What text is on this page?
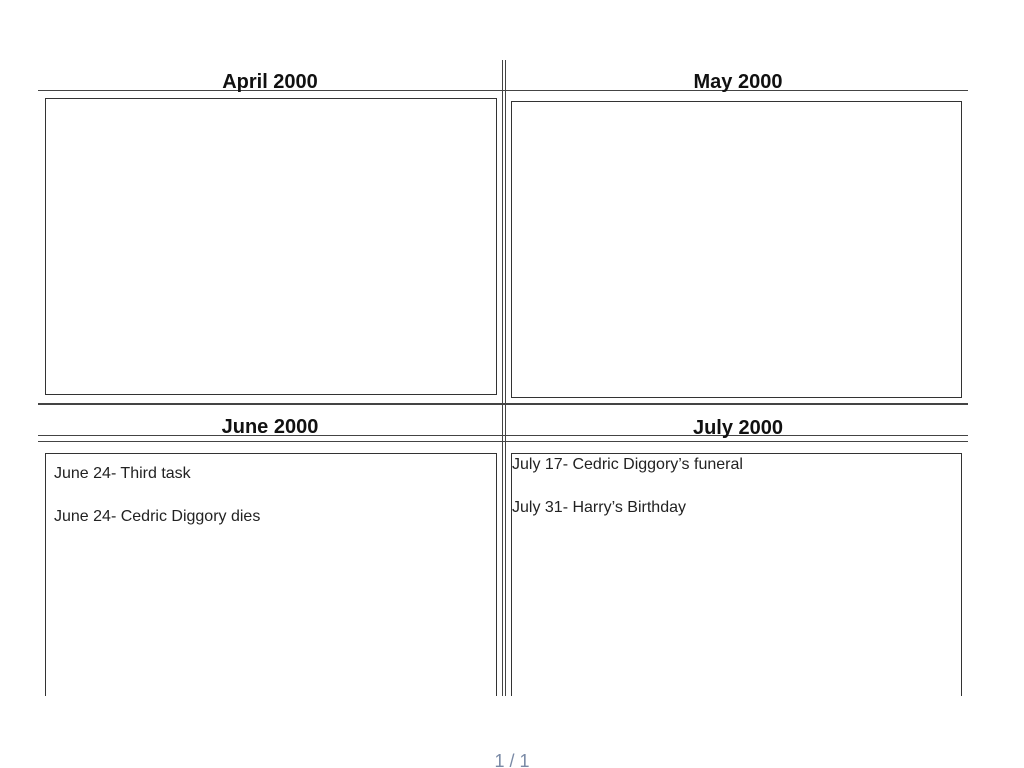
April 2000	May 2000
June 2000
June 24- Third task
June 24- Cedric Diggory dies
July 2000
July 17- Cedric Diggory’s funeral
July 31- Harry’s Birthday
1 / 1
